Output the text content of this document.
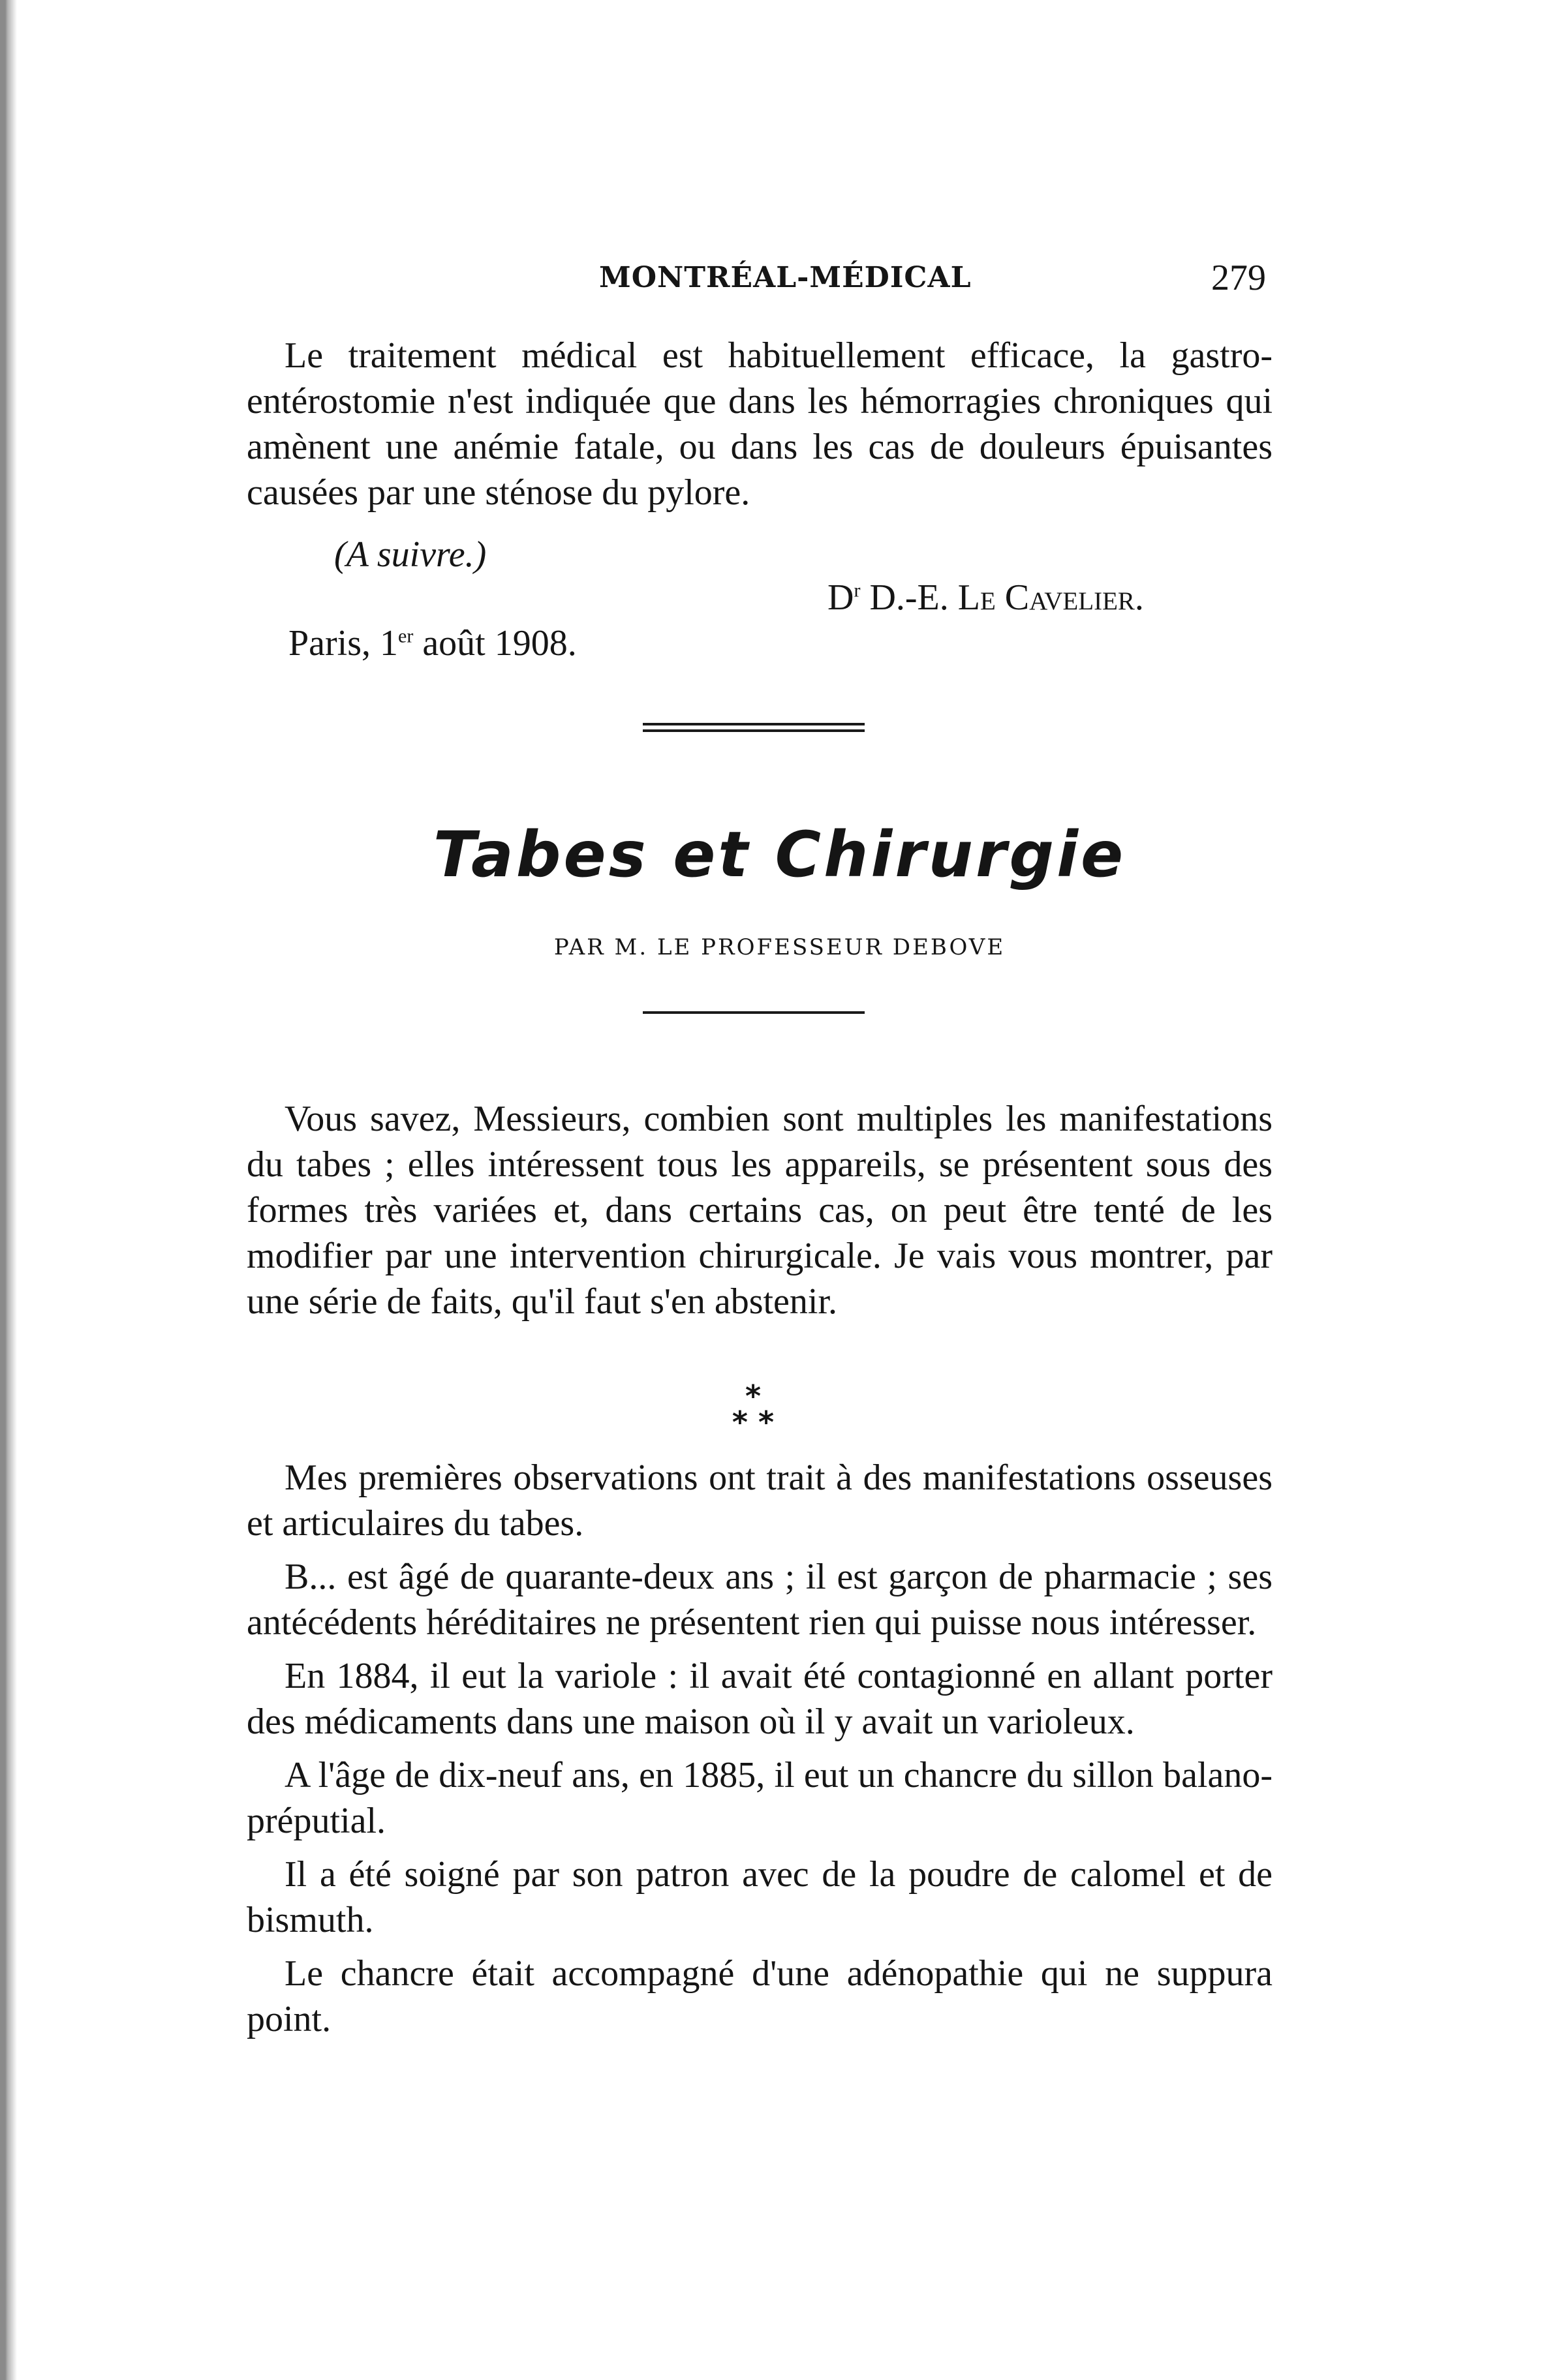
MONTRÉAL-MÉDICAL	279

Le traitement médical est habituellement efficace, la gastro-entérostomie n'est indiquée que dans les hémorragies chroniques qui amènent une anémie fatale, ou dans les cas de douleurs épuisantes causées par une sténose du pylore.

(A suivre.)
$D^r$ D.-E. Le Cavelier.
Paris, 1er août 1908.
Tabes et Chirurgie
PAR M. LE PROFESSEUR DEBOVE

Vous savez, Messieurs, combien sont multiples les manifestations du tabes ; elles intéressent tous les appareils, se présentent sous des formes très variées et, dans certains cas, on peut être tenté de les modifier par une intervention chirurgicale. Je vais vous montrer, par une série de faits, qu'il faut s'en abstenir.

*
* *

Mes premières observations ont trait à des manifestations osseuses et articulaires du tabes.

B... est âgé de quarante-deux ans ; il est garçon de pharmacie ; ses antécédents héréditaires ne présentent rien qui puisse nous intéresser.

En 1884, il eut la variole : il avait été contagionné en allant porter des médicaments dans une maison où il y avait un varioleux.

A l'âge de dix-neuf ans, en 1885, il eut un chancre du sillon balano-préputial.

Il a été soigné par son patron avec de la poudre de calomel et de bismuth.

Le chancre était accompagné d'une adénopathie qui ne suppura point.
